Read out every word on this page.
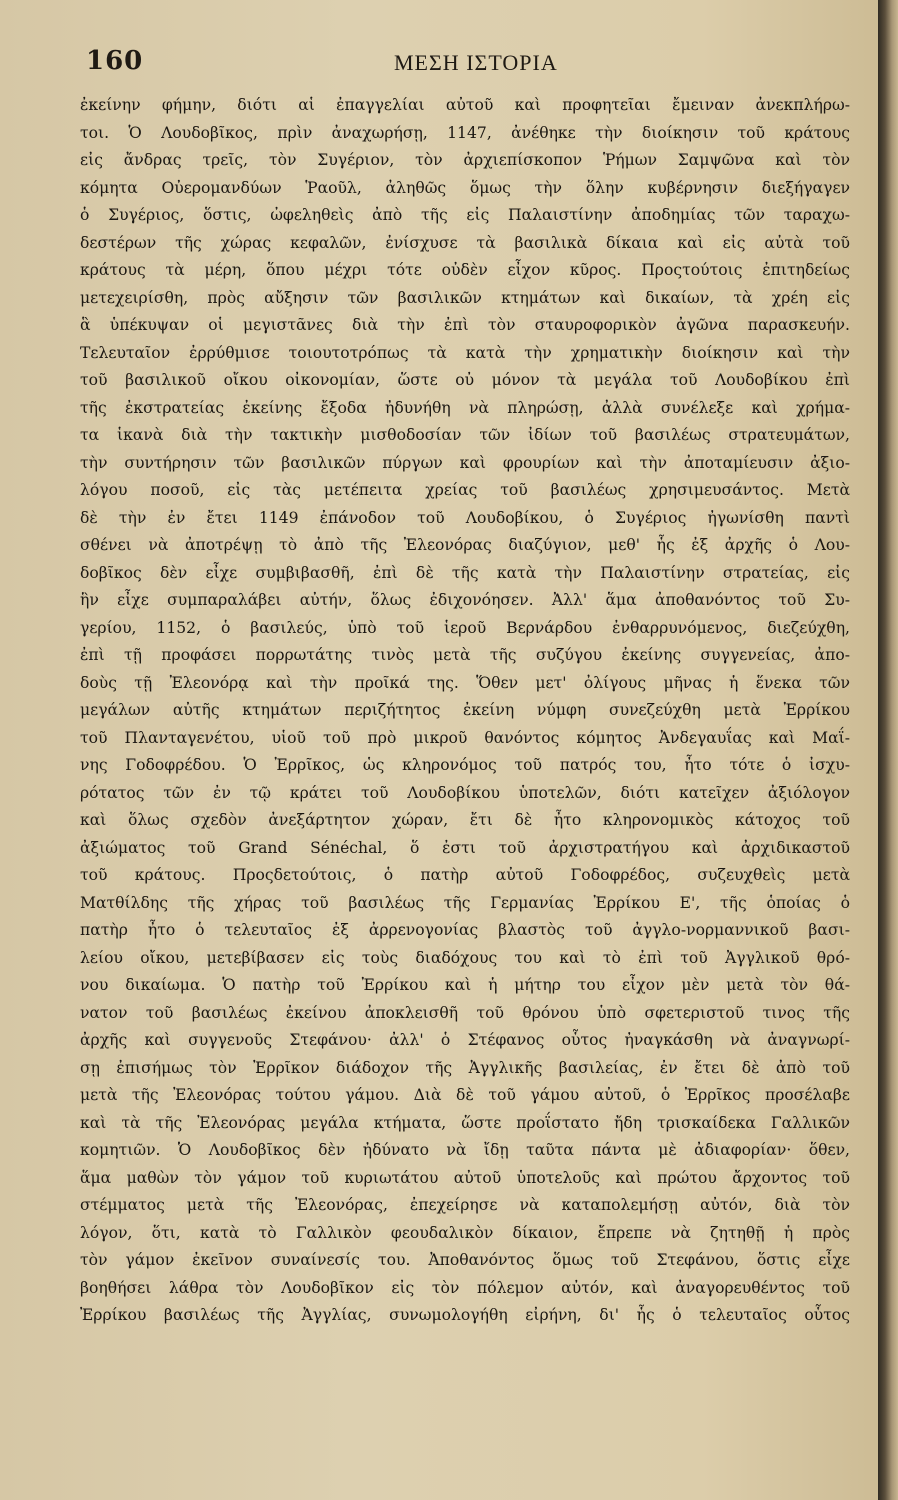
160	ΜΕΣΗ ΙΣΤΟΡΙΑ
ἐκείνην φήμην, διότι αἱ ἐπαγγελίαι αὐτοῦ καὶ προφητεῖαι ἔμειναν ἀνεκπλήρω-
τοι. Ὁ Λουδοβῖκος, πρὶν ἀναχωρήσῃ, 1147, ἀνέθηκε τὴν διοίκησιν τοῦ κράτους
εἰς ἄνδρας τρεῖς, τὸν Συγέριον, τὸν ἀρχιεπίσκοπον Ῥήμων Σαμψῶνα καὶ τὸν
κόμητα Οὐερομανδύων Ῥαοῦλ, ἀληθῶς ὅμως τὴν ὅλην κυβέρνησιν διεξήγαγεν
ὁ Συγέριος, ὅστις, ὠφεληθεὶς ἀπὸ τῆς εἰς Παλαιστίνην ἀποδημίας τῶν ταραχω-
δεστέρων τῆς χώρας κεφαλῶν, ἐνίσχυσε τὰ βασιλικὰ δίκαια καὶ εἰς αὐτὰ τοῦ
κράτους τὰ μέρη, ὅπου μέχρι τότε οὐδὲν εἶχον κῦρος. Προςτούτοις ἐπιτηδείως
μετεχειρίσθη, πρὸς αὔξησιν τῶν βασιλικῶν κτημάτων καὶ δικαίων, τὰ χρέη εἰς
ἃ ὑπέκυψαν οἱ μεγιστᾶνες διὰ τὴν ἐπὶ τὸν σταυροφορικὸν ἀγῶνα παρασκευήν.
Τελευταῖον ἐρρύθμισε τοιουτοτρόπως τὰ κατὰ τὴν χρηματικὴν διοίκησιν καὶ τὴν
τοῦ βασιλικοῦ οἴκου οἰκονομίαν, ὥστε οὐ μόνον τὰ μεγάλα τοῦ Λουδοβίκου ἐπὶ
τῆς ἐκστρατείας ἐκείνης ἔξοδα ἠδυνήθη νὰ πληρώσῃ, ἀλλὰ συνέλεξε καὶ χρήμα-
τα ἱκανὰ διὰ τὴν τακτικὴν μισθοδοσίαν τῶν ἰδίων τοῦ βασιλέως στρατευμάτων,
τὴν συντήρησιν τῶν βασιλικῶν πύργων καὶ φρουρίων καὶ τὴν ἀποταμίευσιν ἀξιο-
λόγου ποσοῦ, εἰς τὰς μετέπειτα χρείας τοῦ βασιλέως χρησιμευσάντος. Μετὰ
δὲ τὴν ἐν ἔτει 1149 ἐπάνοδον τοῦ Λουδοβίκου, ὁ Συγέριος ἠγωνίσθη παντὶ
σθένει νὰ ἀποτρέψῃ τὸ ἀπὸ τῆς Ἐλεονόρας διαζύγιον, μεθ' ἧς ἐξ ἀρχῆς ὁ Λου-
δοβῖκος δὲν εἶχε συμβιβασθῆ, ἐπὶ δὲ τῆς κατὰ τὴν Παλαιστίνην στρατείας, εἰς
ἣν εἶχε συμπαραλάβει αὐτήν, ὅλως ἐδιχονόησεν. Ἀλλ' ἅμα ἀποθανόντος τοῦ Συ-
γερίου, 1152, ὁ βασιλεύς, ὑπὸ τοῦ ἱεροῦ Βερνάρδου ἐνθαρρυνόμενος, διεζεύχθη,
ἐπὶ τῇ προφάσει πορρωτάτης τινὸς μετὰ τῆς συζύγου ἐκείνης συγγενείας, ἀπο-
δοὺς τῇ Ἐλεονόρᾳ καὶ τὴν προῖκά της. Ὅθεν μετ' ὀλίγους μῆνας ἡ ἕνεκα τῶν
μεγάλων αὐτῆς κτημάτων περιζήτητος ἐκείνη νύμφη συνεζεύχθη μετὰ Ἐρρίκου
τοῦ Πλανταγενέτου, υἱοῦ τοῦ πρὸ μικροῦ θανόντος κόμητος Ἀνδεγαυΐας καὶ Μαΐ-
νης Γοδοφρέδου. Ὁ Ἐρρῖκος, ὡς κληρονόμος τοῦ πατρός του, ἦτο τότε ὁ ἰσχυ-
ρότατος τῶν ἐν τῷ κράτει τοῦ Λουδοβίκου ὑποτελῶν, διότι κατεῖχεν ἀξιόλογον
καὶ ὅλως σχεδὸν ἀνεξάρτητον χώραν, ἔτι δὲ ἦτο κληρονομικὸς κάτοχος τοῦ
ἀξιώματος τοῦ Grand Sénéchal, ὅ ἐστι τοῦ ἀρχιστρατήγου καὶ ἀρχιδικαστοῦ
τοῦ κράτους. Προςδετούτοις, ὁ πατὴρ αὐτοῦ Γοδοφρέδος, συζευχθεὶς μετὰ
Ματθίλδης τῆς χήρας τοῦ βασιλέως τῆς Γερμανίας Ἐρρίκου Ε', τῆς ὁποίας ὁ
πατὴρ ἦτο ὁ τελευταῖος ἐξ ἀρρενογονίας βλαστὸς τοῦ ἀγγλο-νορμαννικοῦ βασι-
λείου οἴκου, μετεβίβασεν εἰς τοὺς διαδόχους του καὶ τὸ ἐπὶ τοῦ Ἀγγλικοῦ θρό-
νου δικαίωμα. Ὁ πατὴρ τοῦ Ἐρρίκου καὶ ἡ μήτηρ του εἶχον μὲν μετὰ τὸν θά-
νατον τοῦ βασιλέως ἐκείνου ἀποκλεισθῆ τοῦ θρόνου ὑπὸ σφετεριστοῦ τινος τῆς
ἀρχῆς καὶ συγγενοῦς Στεφάνου· ἀλλ' ὁ Στέφανος οὗτος ἠναγκάσθη νὰ ἀναγνωρί-
σῃ ἐπισήμως τὸν Ἐρρῖκον διάδοχον τῆς Ἀγγλικῆς βασιλείας, ἐν ἔτει δὲ ἀπὸ τοῦ
μετὰ τῆς Ἐλεονόρας τούτου γάμου. Διὰ δὲ τοῦ γάμου αὐτοῦ, ὁ Ἐρρῖκος προσέλαβε
καὶ τὰ τῆς Ἐλεονόρας μεγάλα κτήματα, ὥστε προΐστατο ἤδη τρισκαίδεκα Γαλλικῶν
κομητιῶν. Ὁ Λουδοβῖκος δὲν ἠδύνατο νὰ ἴδῃ ταῦτα πάντα μὲ ἀδιαφορίαν· ὅθεν,
ἅμα μαθὼν τὸν γάμον τοῦ κυριωτάτου αὐτοῦ ὑποτελοῦς καὶ πρώτου ἄρχοντος τοῦ
στέμματος μετὰ τῆς Ἐλεονόρας, ἐπεχείρησε νὰ καταπολεμήσῃ αὐτόν, διὰ τὸν
λόγον, ὅτι, κατὰ τὸ Γαλλικὸν φεουδαλικὸν δίκαιον, ἔπρεπε νὰ ζητηθῇ ἡ πρὸς
τὸν γάμον ἐκεῖνον συναίνεσίς του. Ἀποθανόντος ὅμως τοῦ Στεφάνου, ὅστις εἶχε
βοηθήσει λάθρα τὸν Λουδοβῖκον εἰς τὸν πόλεμον αὐτόν, καὶ ἀναγορευθέντος τοῦ
Ἐρρίκου βασιλέως τῆς Ἀγγλίας, συνωμολογήθη εἰρήνη, δι' ἧς ὁ τελευταῖος οὗτος
